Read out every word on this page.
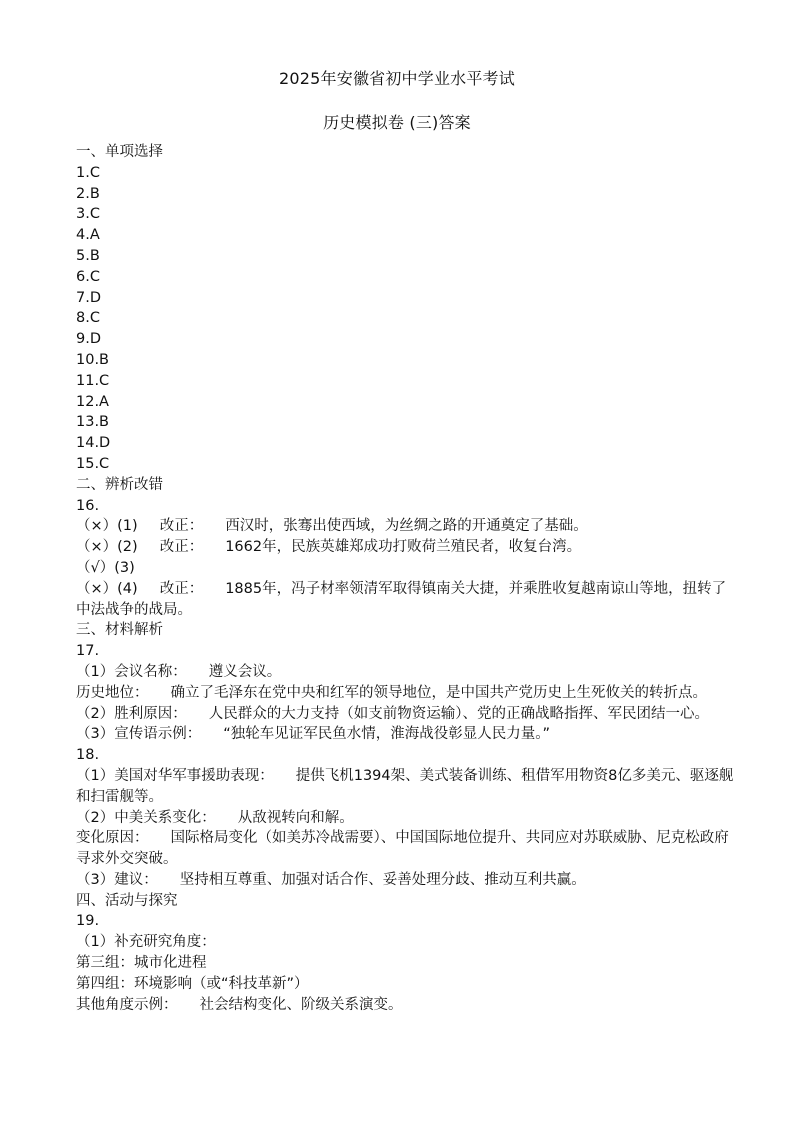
2025年安徽省初中学业水平考试
历史模拟卷 (三)答案
一、单项选择
1.C
2.B
3.C
4.A
5.B
6.C
7.D
8.C
9.D
10.B
11.C
12.A
13.B
14.D
15.C
二、辨析改错
16.
（×）(1) 改正： 西汉时，张骞出使西域，为丝绸之路的开通奠定了基础。
（×）(2) 改正： 1662年，民族英雄郑成功打败荷兰殖民者，收复台湾。
（√）(3)
（×）(4) 改正： 1885年，冯子材率领清军取得镇南关大捷，并乘胜收复越南谅山等地，扭转了中法战争的战局。
三、材料解析
17.
（1）会议名称： 遵义会议。
历史地位： 确立了毛泽东在党中央和红军的领导地位，是中国共产党历史上生死攸关的转折点。
（2）胜利原因： 人民群众的大力支持（如支前物资运输）、党的正确战略指挥、军民团结一心。
（3）宣传语示例： “独轮车见证军民鱼水情，淮海战役彰显人民力量。”
18.
（1）美国对华军事援助表现： 提供飞机1394架、美式装备训练、租借军用物资8亿多美元、驱逐舰和扫雷舰等。
（2）中美关系变化： 从敌视转向和解。
变化原因： 国际格局变化（如美苏冷战需要）、中国国际地位提升、共同应对苏联威胁、尼克松政府寻求外交突破。
（3）建议： 坚持相互尊重、加强对话合作、妥善处理分歧、推动互利共赢。
四、活动与探究
19.
（1）补充研究角度：
第三组：城市化进程
第四组：环境影响（或“科技革新”）
其他角度示例： 社会结构变化、阶级关系演变。
